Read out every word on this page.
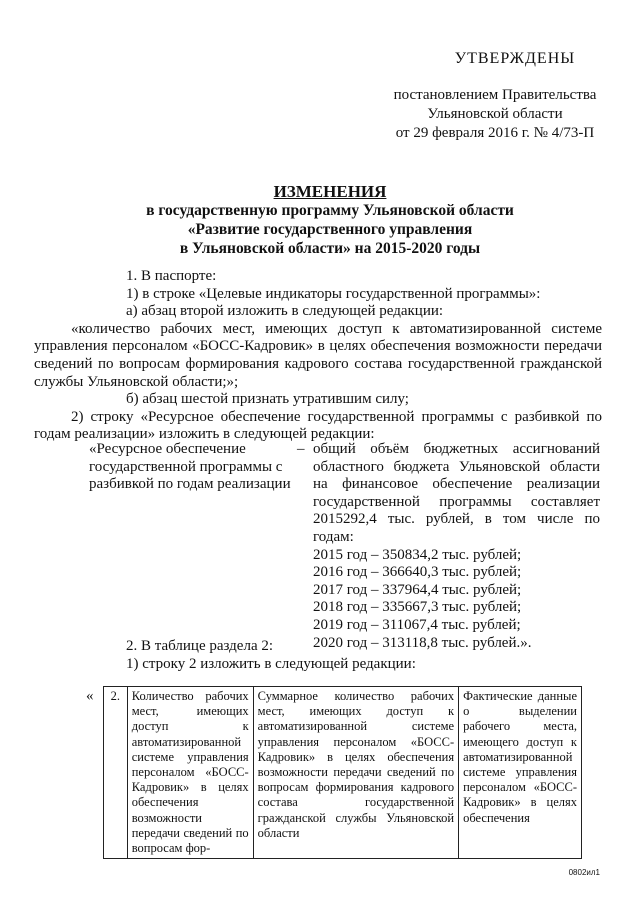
УТВЕРЖДЕНЫ
постановлением Правительства
Ульяновской области
от 29 февраля 2016 г. № 4/73-П
ИЗМЕНЕНИЯ
в государственную программу Ульяновской области
«Развитие государственного управления
в Ульяновской области» на 2015-2020 годы
1. В паспорте:
1) в строке «Целевые индикаторы государственной программы»:
а) абзац второй изложить в следующей редакции:
«количество рабочих мест, имеющих доступ к автоматизированной системе управления персоналом «БОСС-Кадровик» в целях обеспечения возможности передачи сведений по вопросам формирования кадрового состава государственной гражданской службы Ульяновской области;»;
б) абзац шестой признать утратившим силу;
2) строку «Ресурсное обеспечение государственной программы с разбивкой по годам реализации» изложить в следующей редакции:
«Ресурсное обеспечение государственной программы с разбивкой по годам реализации
– общий объём бюджетных ассигнований областного бюджета Ульяновской области на финансовое обеспечение реализации государственной программы составляет 2015292,4 тыс. рублей, в том числе по годам:
2015 год – 350834,2 тыс. рублей;
2016 год – 366640,3 тыс. рублей;
2017 год – 337964,4 тыс. рублей;
2018 год – 335667,3 тыс. рублей;
2019 год – 311067,4 тыс. рублей;
2020 год – 313118,8 тыс. рублей.».
2. В таблице раздела 2:
1) строку 2 изложить в следующей редакции:
« 2.	Количество рабочих мест, имеющих доступ к автоматизированной системе управления персоналом «БОСС-Кадровик» в целях обеспечения возможности передачи сведений по вопросам фор-	Суммарное количество рабочих мест, имеющих доступ к автоматизированной системе управления персоналом «БОСС-Кадровик» в целях обеспечения возможности передачи сведений по вопросам формирования кадрового состава государственной гражданской службы Ульяновской области	Фактические данные о выделении рабочего места, имеющего доступ к автоматизированной системе управления персоналом «БОСС-Кадровик» в целях обеспечения
0802ил1
